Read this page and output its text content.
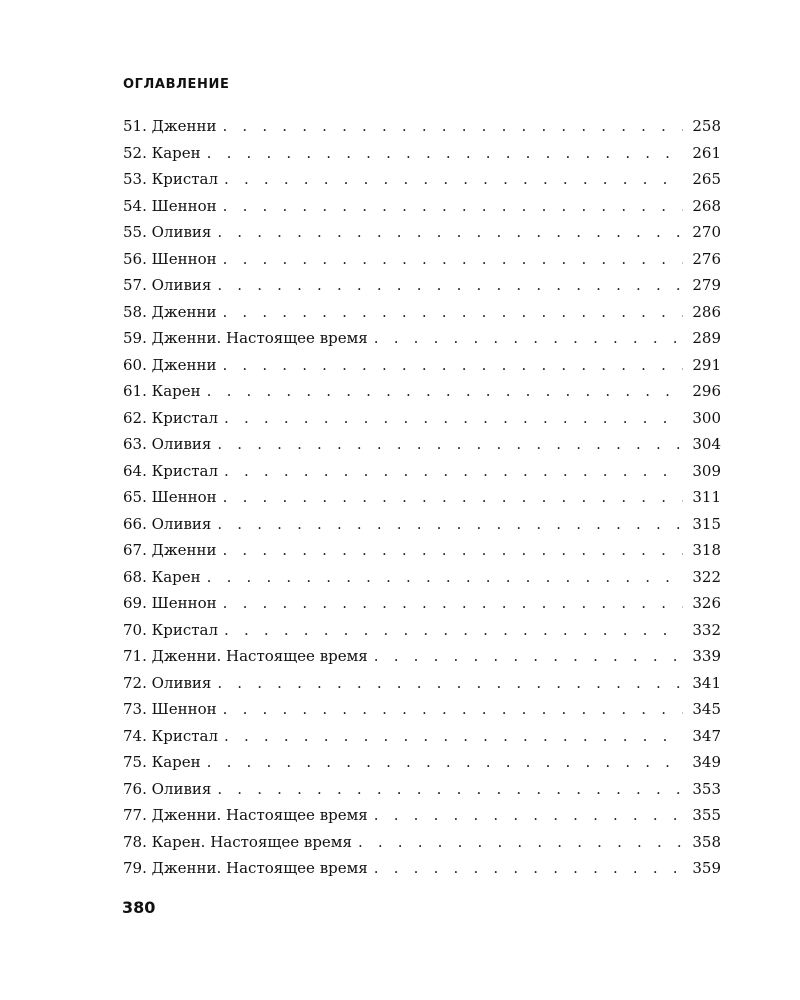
ОГЛАВЛЕНИЕ
51. Дженни . . .	258
52. Карен . . .	261
53. Кристал . . .	265
54. Шеннон . . .	268
55. Оливия . . .	270
56. Шеннон . . .	276
57. Оливия . . .	279
58. Дженни . . .	286
59. Дженни. Настоящее время . . .	289
60. Дженни . . .	291
61. Карен . . .	296
62. Кристал . . .	300
63. Оливия . . .	304
64. Кристал . . .	309
65. Шеннон . . .	311
66. Оливия . . .	315
67. Дженни . . .	318
68. Карен . . .	322
69. Шеннон . . .	326
70. Кристал . . .	332
71. Дженни. Настоящее время . . .	339
72. Оливия . . .	341
73. Шеннон . . .	345
74. Кристал . . .	347
75. Карен . . .	349
76. Оливия . . .	353
77. Дженни. Настоящее время . . .	355
78. Карен. Настоящее время . . .	358
79. Дженни. Настоящее время . . .	359
380
